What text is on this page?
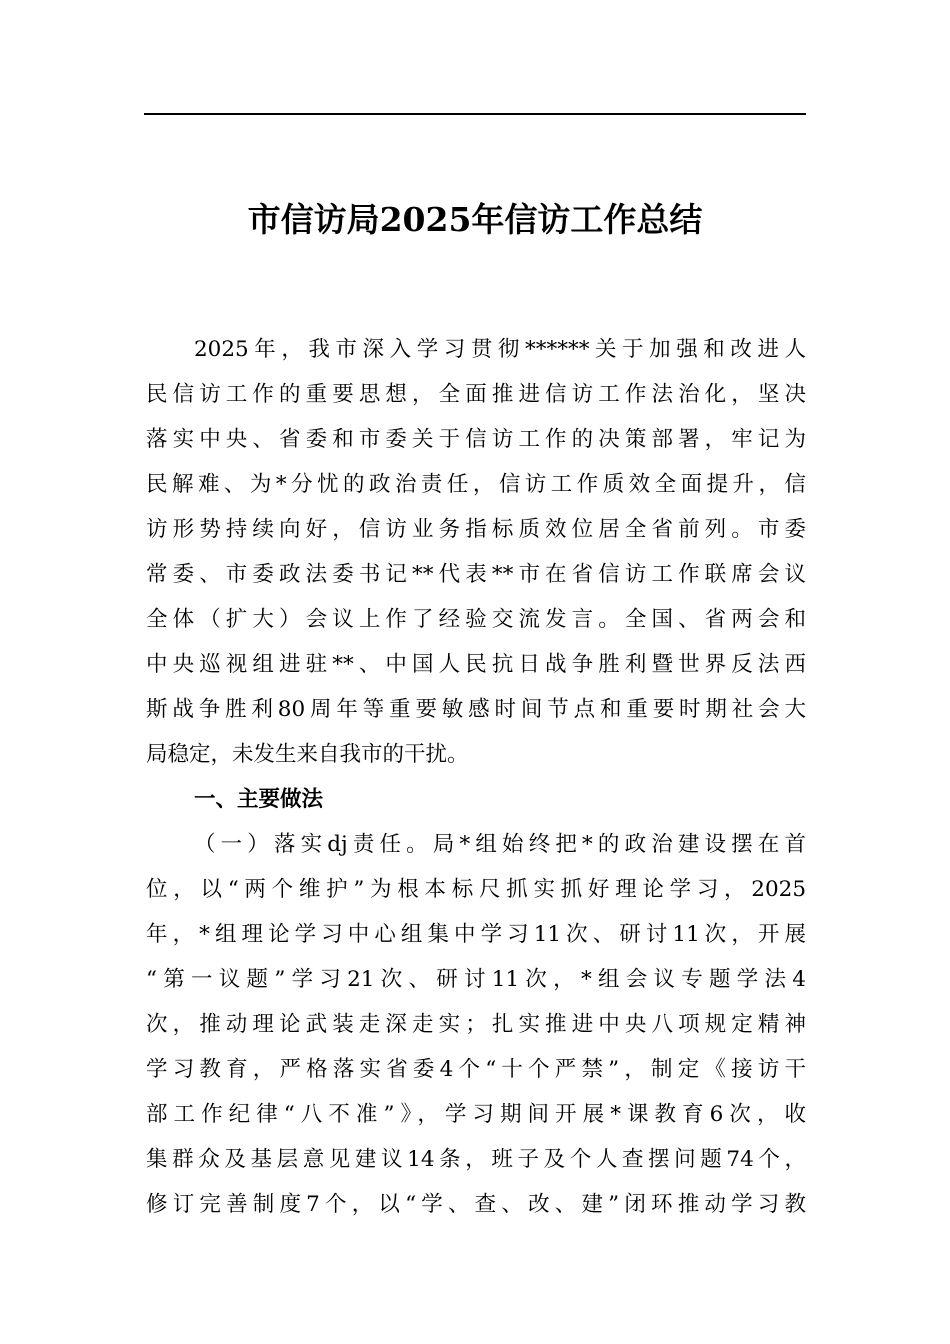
市信访局2025年信访工作总结
2025年，我市深入学习贯彻******关于加强和改进人
民信访工作的重要思想，全面推进信访工作法治化，坚决
落实中央、省委和市委关于信访工作的决策部署，牢记为
民解难、为*分忧的政治责任，信访工作质效全面提升，信
访形势持续向好，信访业务指标质效位居全省前列。市委
常委、市委政法委书记**代表**市在省信访工作联席会议
全体（扩大）会议上作了经验交流发言。全国、省两会和
中央巡视组进驻**、中国人民抗日战争胜利暨世界反法西
斯战争胜利80周年等重要敏感时间节点和重要时期社会大
局稳定，未发生来自我市的干扰。
一、主要做法
（一）落实dj责任。局*组始终把*的政治建设摆在首
位，以“两个维护”为根本标尺抓实抓好理论学习，2025
年，*组理论学习中心组集中学习11次、研讨11次，开展
“第一议题”学习21次、研讨11次，*组会议专题学法4
次，推动理论武装走深走实；扎实推进中央八项规定精神
学习教育，严格落实省委4个“十个严禁”，制定《接访干
部工作纪律“八不准”》，学习期间开展*课教育6次，收
集群众及基层意见建议14条，班子及个人查摆问题74个，
修订完善制度7个，以“学、查、改、建”闭环推动学习教
